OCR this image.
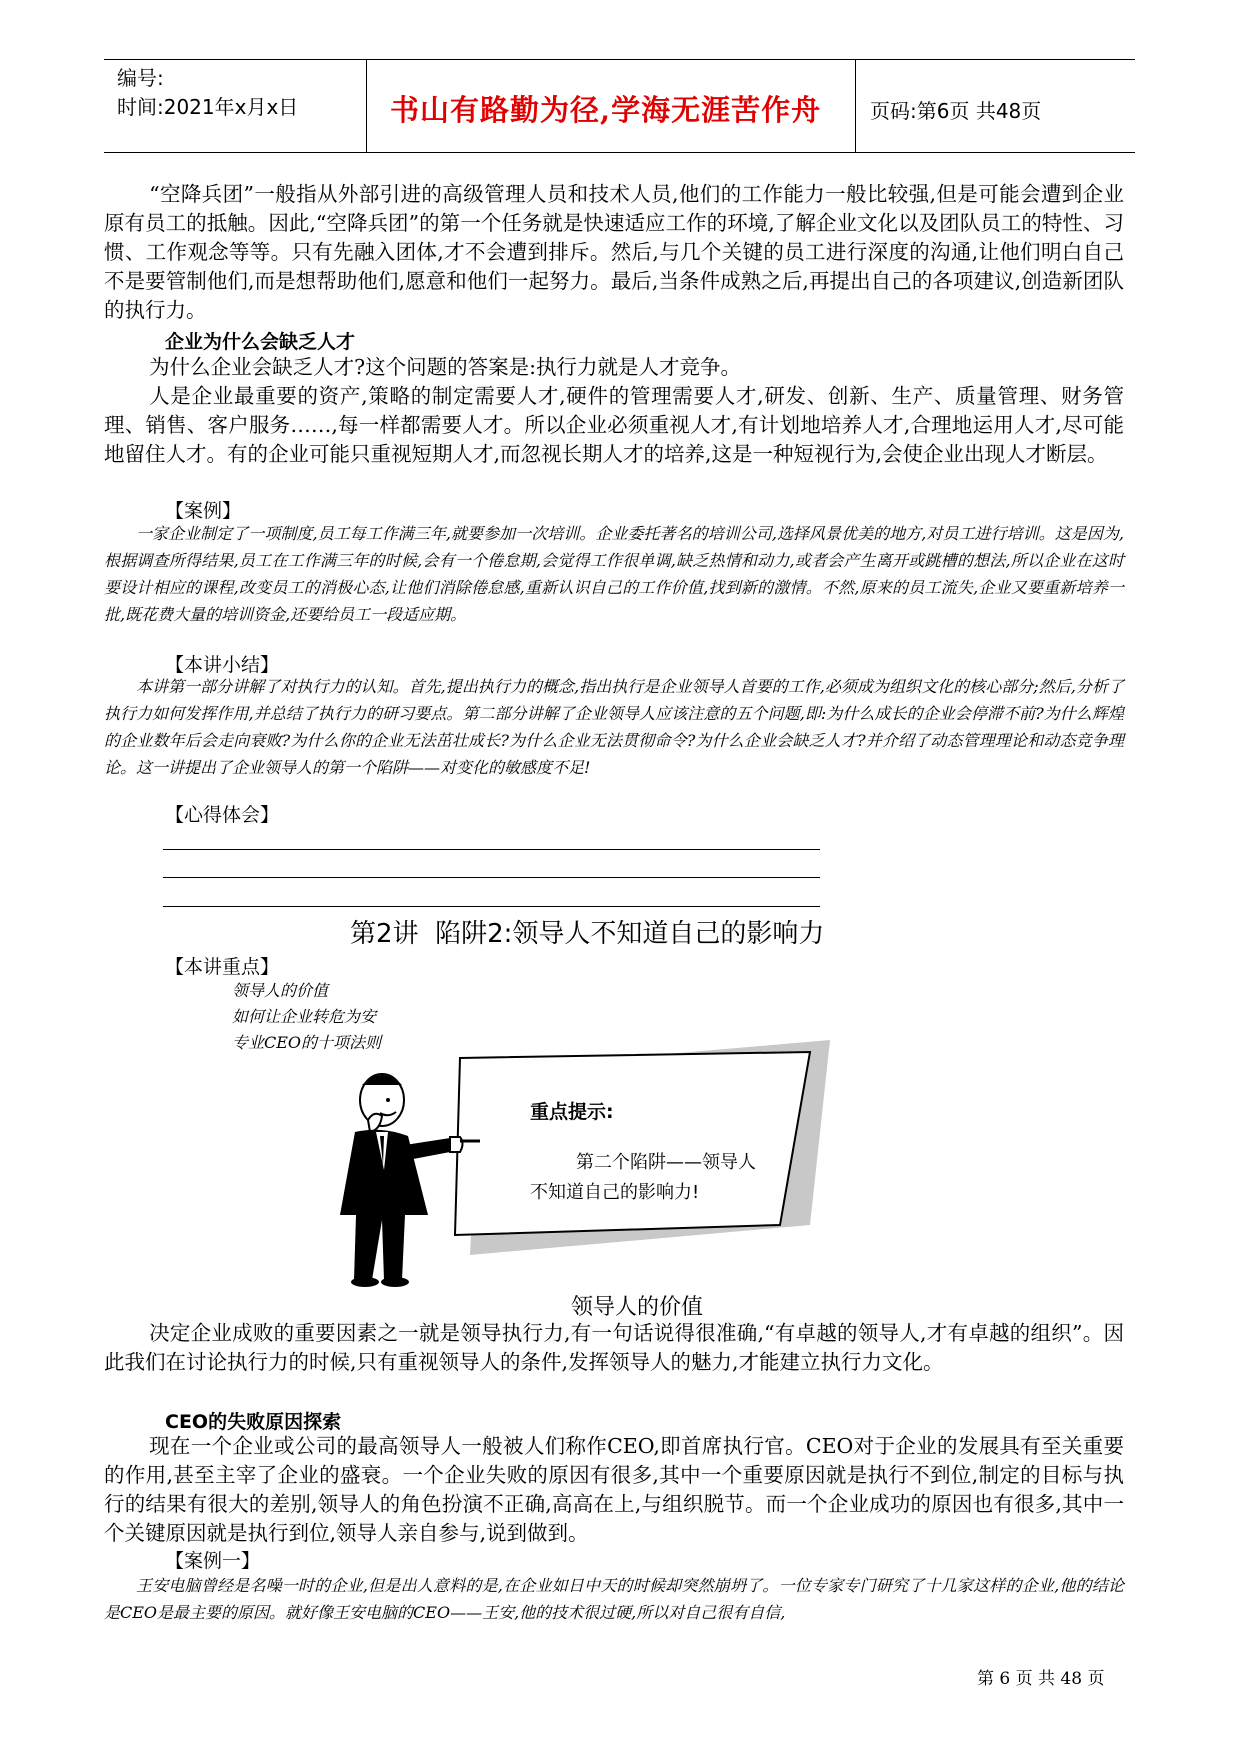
编号:
时间:2021年x月x日	书山有路勤为径,学海无涯苦作舟 页码:第6页 共48页
“空降兵团”一般指从外部引进的高级管理人员和技术人员,他们的工作能力一般比较强,但是可能会遭到企业原有员工的抵触。因此,“空降兵团”的第一个任务就是快速适应工作的环境,了解企业文化以及团队员工的特性、习惯、工作观念等等。只有先融入团体,才不会遭到排斥。然后,与几个关键的员工进行深度的沟通,让他们明白自己不是要管制他们,而是想帮助他们,愿意和他们一起努力。最后,当条件成熟之后,再提出自己的各项建议,创造新团队的执行力。
企业为什么会缺乏人才
为什么企业会缺乏人才?这个问题的答案是:执行力就是人才竞争。
人是企业最重要的资产,策略的制定需要人才,硬件的管理需要人才,研发、创新、生产、质量管理、财务管理、销售、客户服务……,每一样都需要人才。所以企业必须重视人才,有计划地培养人才,合理地运用人才,尽可能地留住人才。有的企业可能只重视短期人才,而忽视长期人才的培养,这是一种短视行为,会使企业出现人才断层。
【案例】
一家企业制定了一项制度,员工每工作满三年,就要参加一次培训。企业委托著名的培训公司,选择风景优美的地方,对员工进行培训。这是因为,根据调查所得结果,员工在工作满三年的时候,会有一个倦怠期,会觉得工作很单调,缺乏热情和动力,或者会产生离开或跳槽的想法,所以企业在这时要设计相应的课程,改变员工的消极心态,让他们消除倦怠感,重新认识自己的工作价值,找到新的激情。不然,原来的员工流失,企业又要重新培养一批,既花费大量的培训资金,还要给员工一段适应期。
【本讲小结】
本讲第一部分讲解了对执行力的认知。首先,提出执行力的概念,指出执行是企业领导人首要的工作,必须成为组织文化的核心部分;然后,分析了执行力如何发挥作用,并总结了执行力的研习要点。第二部分讲解了企业领导人应该注意的五个问题,即:为什么成长的企业会停滞不前?为什么辉煌的企业数年后会走向衰败?为什么你的企业无法茁壮成长?为什么企业无法贯彻命令?为什么企业会缺乏人才?并介绍了动态管理理论和动态竞争理论。这一讲提出了企业领导人的第一个陷阱——对变化的敏感度不足!
【心得体会】
第2讲  陷阱2:领导人不知道自己的影响力
【本讲重点】
领导人的价值
如何让企业转危为安
专业CEO的十项法则
重点提示:
第二个陷阱——领导人
不知道自己的影响力!
领导人的价值
决定企业成败的重要因素之一就是领导执行力,有一句话说得很准确,“有卓越的领导人,才有卓越的组织”。因此我们在讨论执行力的时候,只有重视领导人的条件,发挥领导人的魅力,才能建立执行力文化。
CEO的失败原因探索
现在一个企业或公司的最高领导人一般被人们称作CEO,即首席执行官。CEO对于企业的发展具有至关重要的作用,甚至主宰了企业的盛衰。一个企业失败的原因有很多,其中一个重要原因就是执行不到位,制定的目标与执行的结果有很大的差别,领导人的角色扮演不正确,高高在上,与组织脱节。而一个企业成功的原因也有很多,其中一个关键原因就是执行到位,领导人亲自参与,说到做到。
【案例一】
王安电脑曾经是名噪一时的企业,但是出人意料的是,在企业如日中天的时候却突然崩坍了。一位专家专门研究了十几家这样的企业,他的结论是CEO是最主要的原因。就好像王安电脑的CEO——王安,他的技术很过硬,所以对自己很有自信,
第 6 页 共 48 页
